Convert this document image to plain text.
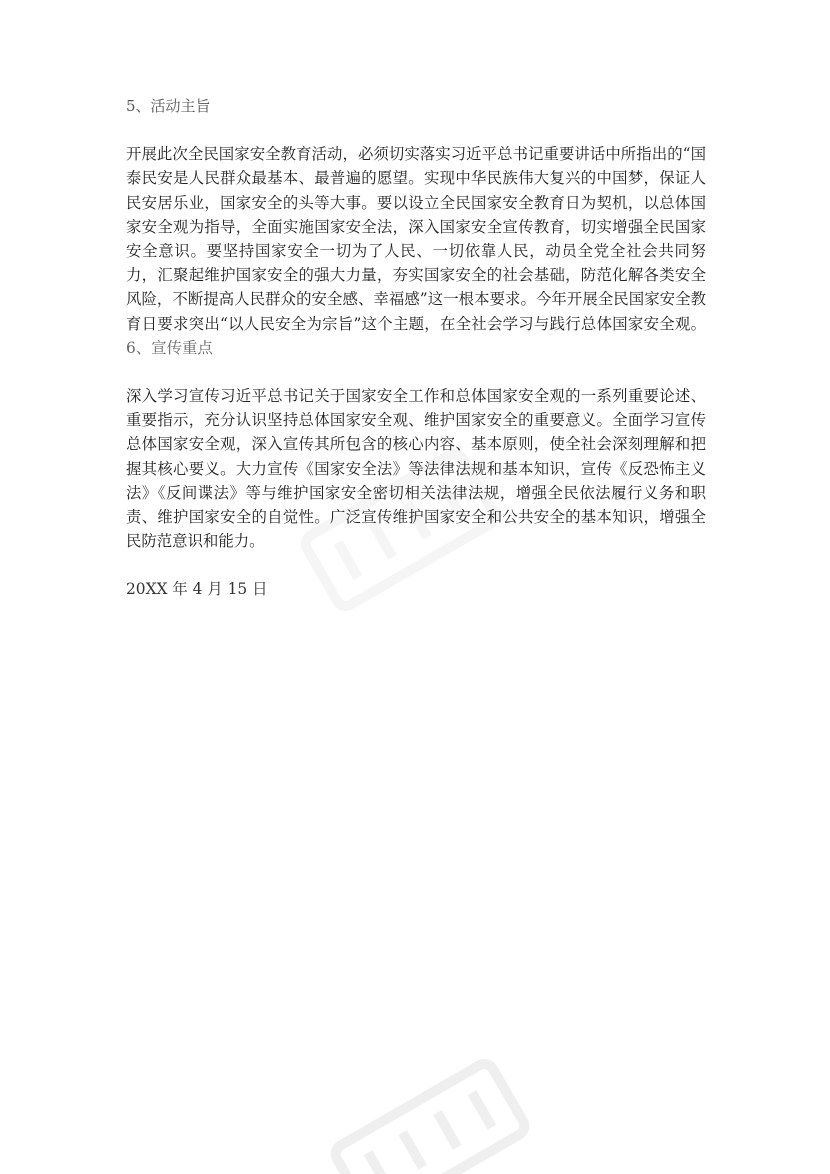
5、活动主旨

开展此次全民国家安全教育活动，必须切实落实习近平总书记重要讲话中所指出的“国泰民安是人民群众最基本、最普遍的愿望。实现中华民族伟大复兴的中国梦，保证人民安居乐业，国家安全的头等大事。要以设立全民国家安全教育日为契机，以总体国家安全观为指导，全面实施国家安全法，深入国家安全宣传教育，切实增强全民国家安全意识。要坚持国家安全一切为了人民、一切依靠人民，动员全党全社会共同努力，汇聚起维护国家安全的强大力量，夯实国家安全的社会基础，防范化解各类安全风险，不断提高人民群众的安全感、幸福感”这一根本要求。今年开展全民国家安全教育日要求突出“以人民安全为宗旨”这个主题，在全社会学习与践行总体国家安全观。6、宣传重点

深入学习宣传习近平总书记关于国家安全工作和总体国家安全观的一系列重要论述、重要指示，充分认识坚持总体国家安全观、维护国家安全的重要意义。全面学习宣传总体国家安全观，深入宣传其所包含的核心内容、基本原则，使全社会深刻理解和把握其核心要义。大力宣传《国家安全法》等法律法规和基本知识，宣传《反恐怖主义法》《反间谍法》等与维护国家安全密切相关法律法规，增强全民依法履行义务和职责、维护国家安全的自觉性。广泛宣传维护国家安全和公共安全的基本知识，增强全民防范意识和能力。

20XX 年 4 月 15 日
